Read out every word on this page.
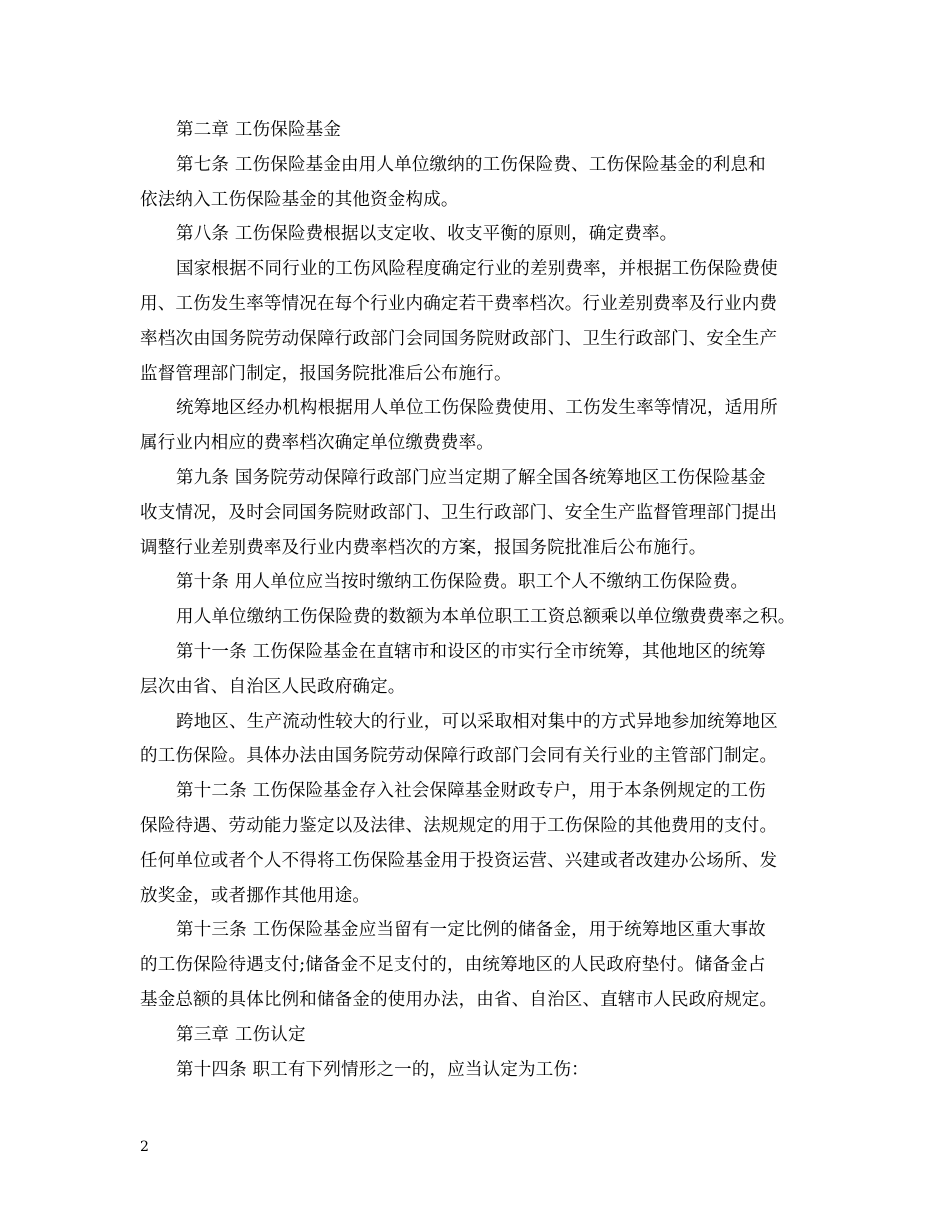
第二章 工伤保险基金
第七条 工伤保险基金由用人单位缴纳的工伤保险费、工伤保险基金的利息和
依法纳入工伤保险基金的其他资金构成。
第八条 工伤保险费根据以支定收、收支平衡的原则，确定费率。
国家根据不同行业的工伤风险程度确定行业的差别费率，并根据工伤保险费使
用、工伤发生率等情况在每个行业内确定若干费率档次。行业差别费率及行业内费
率档次由国务院劳动保障行政部门会同国务院财政部门、卫生行政部门、安全生产
监督管理部门制定，报国务院批准后公布施行。
统筹地区经办机构根据用人单位工伤保险费使用、工伤发生率等情况，适用所
属行业内相应的费率档次确定单位缴费费率。
第九条 国务院劳动保障行政部门应当定期了解全国各统筹地区工伤保险基金
收支情况，及时会同国务院财政部门、卫生行政部门、安全生产监督管理部门提出
调整行业差别费率及行业内费率档次的方案，报国务院批准后公布施行。
第十条 用人单位应当按时缴纳工伤保险费。职工个人不缴纳工伤保险费。
用人单位缴纳工伤保险费的数额为本单位职工工资总额乘以单位缴费费率之积。
第十一条 工伤保险基金在直辖市和设区的市实行全市统筹，其他地区的统筹
层次由省、自治区人民政府确定。
跨地区、生产流动性较大的行业，可以采取相对集中的方式异地参加统筹地区
的工伤保险。具体办法由国务院劳动保障行政部门会同有关行业的主管部门制定。
第十二条 工伤保险基金存入社会保障基金财政专户，用于本条例规定的工伤
保险待遇、劳动能力鉴定以及法律、法规规定的用于工伤保险的其他费用的支付。
任何单位或者个人不得将工伤保险基金用于投资运营、兴建或者改建办公场所、发
放奖金，或者挪作其他用途。
第十三条 工伤保险基金应当留有一定比例的储备金，用于统筹地区重大事故
的工伤保险待遇支付;储备金不足支付的，由统筹地区的人民政府垫付。储备金占
基金总额的具体比例和储备金的使用办法，由省、自治区、直辖市人民政府规定。
第三章 工伤认定
第十四条 职工有下列情形之一的，应当认定为工伤：
2
